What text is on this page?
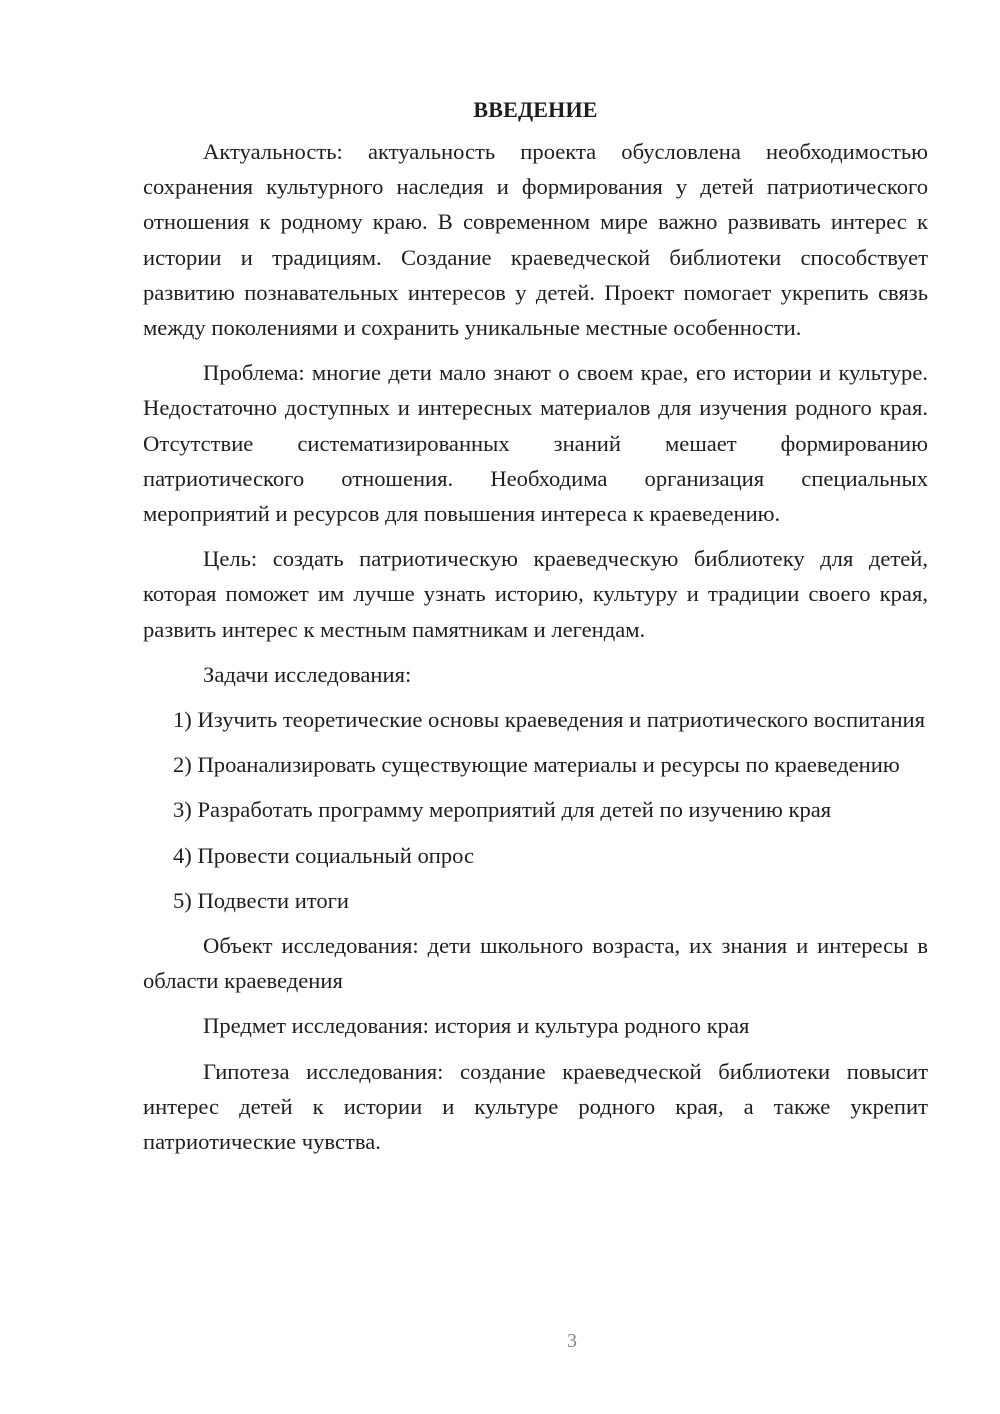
ВВЕДЕНИЕ

Актуальность: актуальность проекта обусловлена необходимостью сохранения культурного наследия и формирования у детей патриотического отношения к родному краю. В современном мире важно развивать интерес к истории и традициям. Создание краеведческой библиотеки способствует развитию познавательных интересов у детей. Проект помогает укрепить связь между поколениями и сохранить уникальные местные особенности.

Проблема: многие дети мало знают о своем крае, его истории и культуре. Недостаточно доступных и интересных материалов для изучения родного края. Отсутствие систематизированных знаний мешает формированию патриотического отношения. Необходима организация специальных мероприятий и ресурсов для повышения интереса к краеведению.

Цель: создать патриотическую краеведческую библиотеку для детей, которая поможет им лучше узнать историю, культуру и традиции своего края, развить интерес к местным памятникам и легендам.

Задачи исследования:

1) Изучить теоретические основы краеведения и патриотического воспитания

2) Проанализировать существующие материалы и ресурсы по краеведению

3) Разработать программу мероприятий для детей по изучению края

4) Провести социальный опрос

5) Подвести итоги

Объект исследования: дети школьного возраста, их знания и интересы в области краеведения

Предмет исследования: история и культура родного края

Гипотеза исследования: создание краеведческой библиотеки повысит интерес детей к истории и культуре родного края, а также укрепит патриотические чувства.

3
